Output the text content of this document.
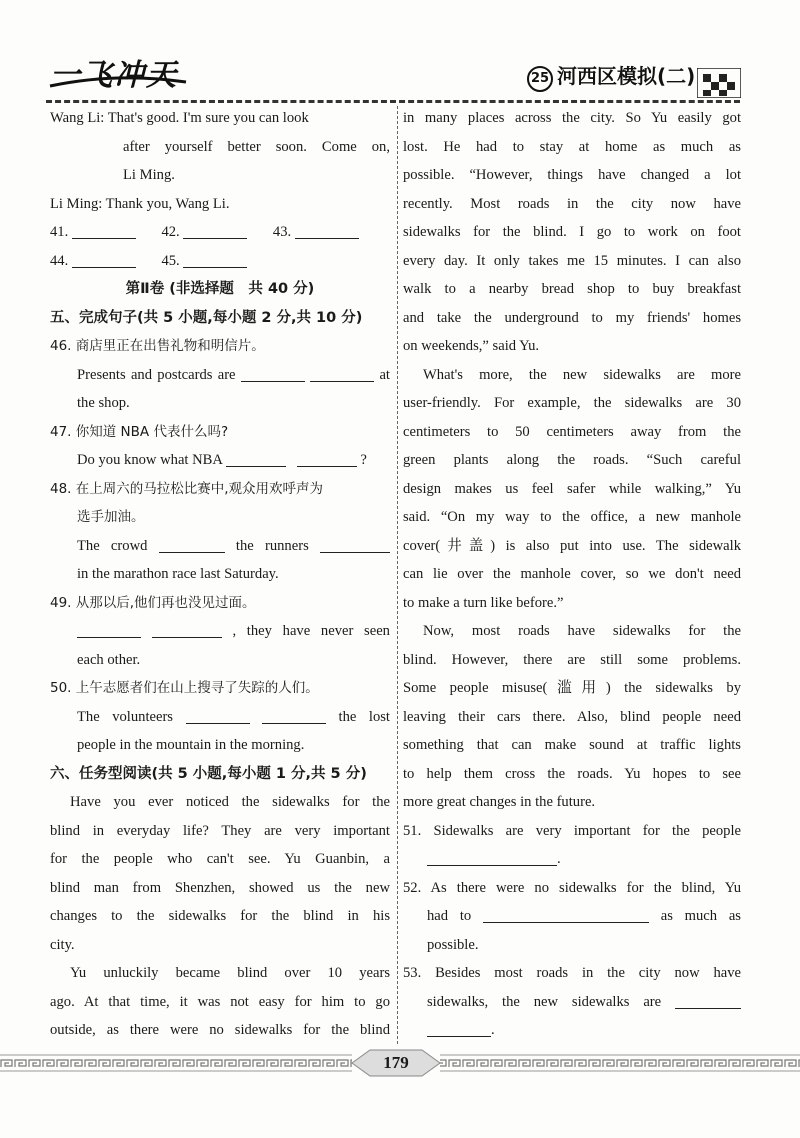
一飞冲天	25 河西区模拟(二)
Wang Li: That's good. I'm sure you can look
after yourself better soon. Come on,
Li Ming.
Li Ming: Thank you, Wang Li.
41.	42.	43.
44.	45.
第Ⅱ卷 (非选择题　共 40 分)
五、完成句子(共 5 小题,每小题 2 分,共 10 分)
46. 商店里正在出售礼物和明信片。
Presents and postcards are	at
the shop.
47. 你知道 NBA 代表什么吗?
Do you know what NBA	?
48. 在上周六的马拉松比赛中,观众用欢呼声为
选手加油。
The crowd	the runners
in the marathon race last Saturday.
49. 从那以后,他们再也没见过面。
, they have never seen
each other.
50. 上午志愿者们在山上搜寻了失踪的人们。
The volunteers	the lost
people in the mountain in the morning.
六、任务型阅读(共 5 小题,每小题 1 分,共 5 分)
Have you ever noticed the sidewalks for the
blind in everyday life? They are very important
for the people who can't see. Yu Guanbin, a
blind man from Shenzhen, showed us the new
changes to the sidewalks for the blind in his
city.
Yu unluckily became blind over 10 years
ago. At that time, it was not easy for him to go
outside, as there were no sidewalks for the blind
in many places across the city. So Yu easily got
lost. He had to stay at home as much as
possible. “However, things have changed a lot
recently. Most roads in the city now have
sidewalks for the blind. I go to work on foot
every day. It only takes me 15 minutes. I can also
walk to a nearby bread shop to buy breakfast
and take the underground to my friends' homes
on weekends,” said Yu.
What's more, the new sidewalks are more
user-friendly. For example, the sidewalks are 30
centimeters to 50 centimeters away from the
green plants along the roads. “Such careful
design makes us feel safer while walking,” Yu
said. “On my way to the office, a new manhole
cover(井盖) is also put into use. The sidewalk
can lie over the manhole cover, so we don't need
to make a turn like before.”
Now, most roads have sidewalks for the
blind. However, there are still some problems.
Some people misuse(滥用) the sidewalks by
leaving their cars there. Also, blind people need
something that can make sound at traffic lights
to help them cross the roads. Yu hopes to see
more great changes in the future.
51. Sidewalks are very important for the people
.
52. As there were no sidewalks for the blind, Yu
had to	as much as
possible.
53. Besides most roads in the city now have
sidewalks, the new sidewalks are
.
179
